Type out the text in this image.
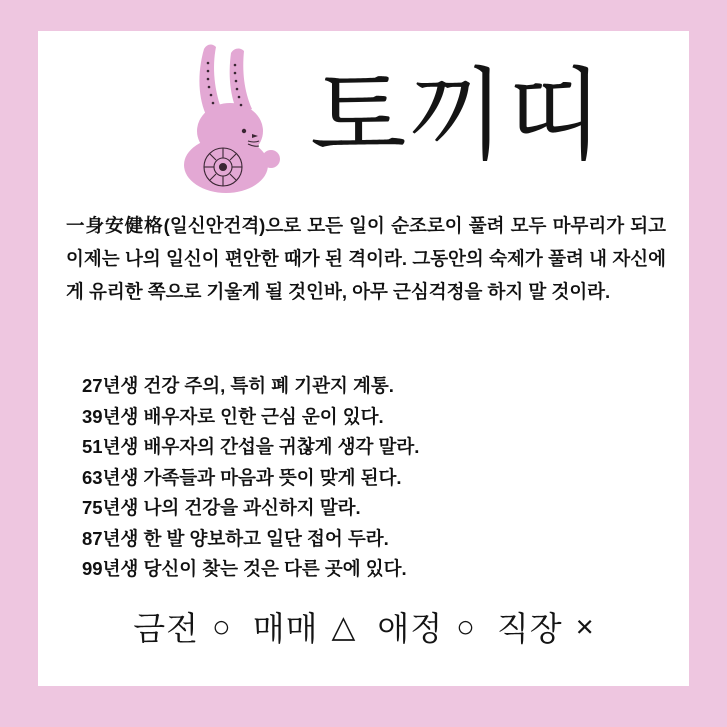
토끼띠
一身安健格(일신안건격)으로 모든 일이 순조로이 풀려 모두 마무리가 되고 이제는 나의 일신이 편안한 때가 된 격이라. 그동안의 숙제가 풀려 내 자신에게 유리한 쪽으로 기울게 될 것인바, 아무 근심걱정을 하지 말 것이라.
27년생 건강 주의, 특히 폐 기관지 계통.
39년생 배우자로 인한 근심 운이 있다.
51년생 배우자의 간섭을 귀찮게 생각 말라.
63년생 가족들과 마음과 뜻이 맞게 된다.
75년생 나의 건강을 과신하지 말라.
87년생 한 발 양보하고 일단 접어 두라.
99년생 당신이 찾는 것은 다른 곳에 있다.
금전 ○ 매매 △ 애정 ○ 직장 ×
